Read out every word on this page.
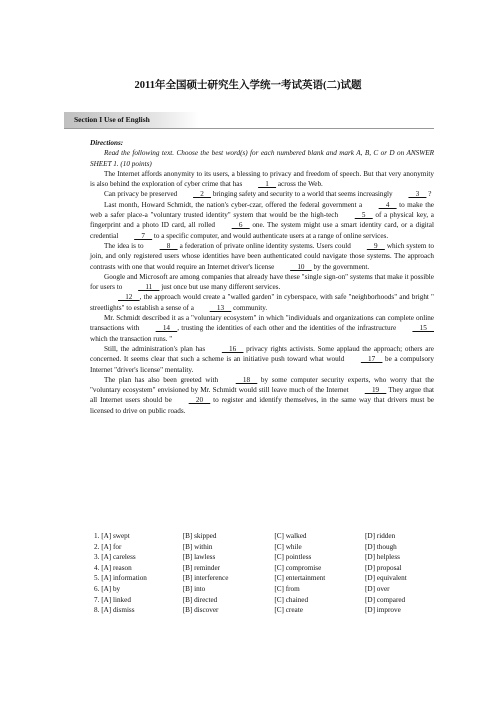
2011年全国硕士研究生入学统一考试英语(二)试题
Section I Use of English

Directions:

Read the following text. Choose the best word(s) for each numbered blank and mark A, B, C or D on ANSWER SHEET 1. (10 points)

The Internet affords anonymity to its users, a blessing to privacy and freedom of speech. But that very anonymity is also behind the exploration of cyber crime that has   1   across the Web.

Can privacy be preserved   2   bringing safety and security to a world that seems increasingly   3   ?

Last month, Howard Schmidt, the nation's cyber-czar, offered the federal government a   4   to make the web a safer place-a "voluntary trusted identity" system that would be the high-tech   5   of a physical key, a fingerprint and a photo ID card, all rolled   6   one. The system might use a smart identity card, or a digital credential   7   to a specific computer, and would authenticate users at a range of online services.

The idea is to   8   a federation of private online identity systems. Users could   9   which system to join, and only registered users whose identities have been authenticated could navigate those systems. The approach contrasts with one that would require an Internet driver's license   10   by the government.

Google and Microsoft are among companies that already have these "single sign-on" systems that make it possible for users to   11   just once but use many different services.

  12  , the approach would create a "walled garden" in cyberspace, with safe "neighborhoods" and bright " streetlights" to establish a sense of a   13   community.

Mr. Schmidt described it as a "voluntary ecosystem" in which "individuals and organizations can complete online transactions with   14  , trusting the identities of each other and the identities of the infrastructure   15   which the transaction runs. "

Still, the administration's plan has   16   privacy rights activists. Some applaud the approach; others are concerned. It seems clear that such a scheme is an initiative push toward what would   17   be a compulsory Internet "driver's license" mentality.

The plan has also been greeted with   18   by some computer security experts, who worry that the "voluntary ecosystem" envisioned by Mr. Schmidt would still leave much of the Internet   19   They argue that all Internet users should be   20   to register and identify themselves, in the same way that drivers must be licensed to drive on public roads.

1. [A] swept	[B] skipped	[C] walked	[D] ridden
2. [A] for	[B] within	[C] while	[D] though
3. [A] careless	[B] lawless	[C] pointless	[D] helpless
4. [A] reason	[B] reminder	[C] compromise	[D] proposal
5. [A] information	[B] interference	[C] entertainment	[D] equivalent
6. [A] by	[B] into	[C] from	[D] over
7. [A] linked	[B] directed	[C] chained	[D] compared
8. [A] dismiss	[B] discover	[C] create	[D] improve
